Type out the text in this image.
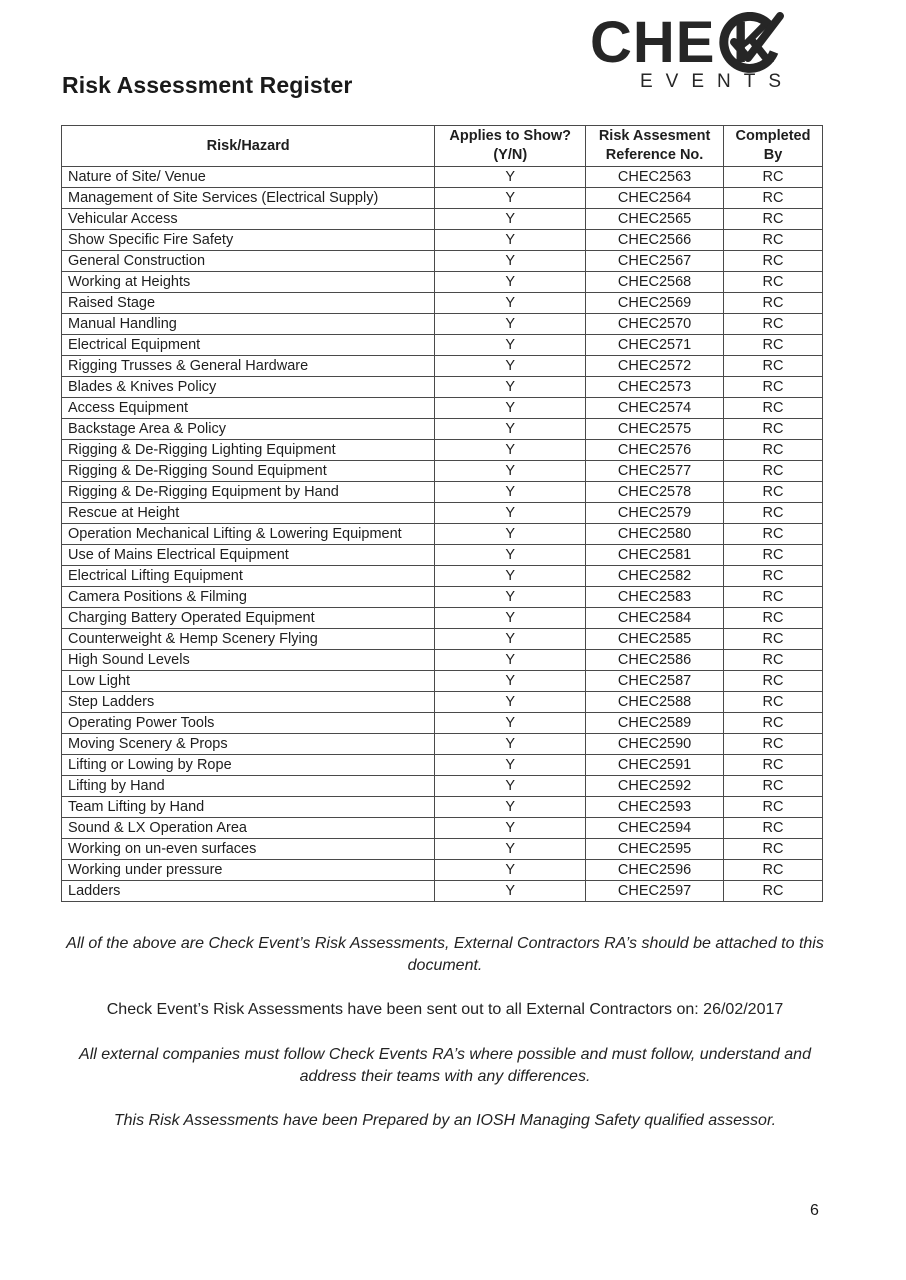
Risk Assessment Register
CHE K
EVENTS
Risk/Hazard	Applies to Show? (Y/N)	Risk Assesment Reference No.	Completed By
Nature of Site/ Venue	Y	CHEC2563	RC
Management of Site Services (Electrical Supply)	Y	CHEC2564	RC
Vehicular Access	Y	CHEC2565	RC
Show Specific Fire Safety	Y	CHEC2566	RC
General Construction	Y	CHEC2567	RC
Working at Heights	Y	CHEC2568	RC
Raised Stage	Y	CHEC2569	RC
Manual Handling	Y	CHEC2570	RC
Electrical Equipment	Y	CHEC2571	RC
Rigging Trusses & General Hardware	Y	CHEC2572	RC
Blades & Knives Policy	Y	CHEC2573	RC
Access Equipment	Y	CHEC2574	RC
Backstage Area & Policy	Y	CHEC2575	RC
Rigging & De-Rigging Lighting Equipment	Y	CHEC2576	RC
Rigging & De-Rigging Sound Equipment	Y	CHEC2577	RC
Rigging & De-Rigging Equipment by Hand	Y	CHEC2578	RC
Rescue at Height	Y	CHEC2579	RC
Operation Mechanical Lifting & Lowering Equipment	Y	CHEC2580	RC
Use of Mains Electrical Equipment	Y	CHEC2581	RC
Electrical Lifting Equipment	Y	CHEC2582	RC
Camera Positions & Filming	Y	CHEC2583	RC
Charging Battery Operated Equipment	Y	CHEC2584	RC
Counterweight & Hemp Scenery Flying	Y	CHEC2585	RC
High Sound Levels	Y	CHEC2586	RC
Low Light	Y	CHEC2587	RC
Step Ladders	Y	CHEC2588	RC
Operating Power Tools	Y	CHEC2589	RC
Moving Scenery & Props	Y	CHEC2590	RC
Lifting or Lowing by Rope	Y	CHEC2591	RC
Lifting by Hand	Y	CHEC2592	RC
Team Lifting by Hand	Y	CHEC2593	RC
Sound & LX Operation Area	Y	CHEC2594	RC
Working on un-even surfaces	Y	CHEC2595	RC
Working under pressure	Y	CHEC2596	RC
Ladders	Y	CHEC2597	RC
All of the above are Check Event’s Risk Assessments, External Contractors RA’s should be attached to this document.
Check Event’s Risk Assessments have been sent out to all External Contractors on: 26/02/2017
All external companies must follow Check Events RA’s where possible and must follow, understand and address their teams with any differences.
This Risk Assessments have been Prepared by an IOSH Managing Safety qualified assessor.
6
